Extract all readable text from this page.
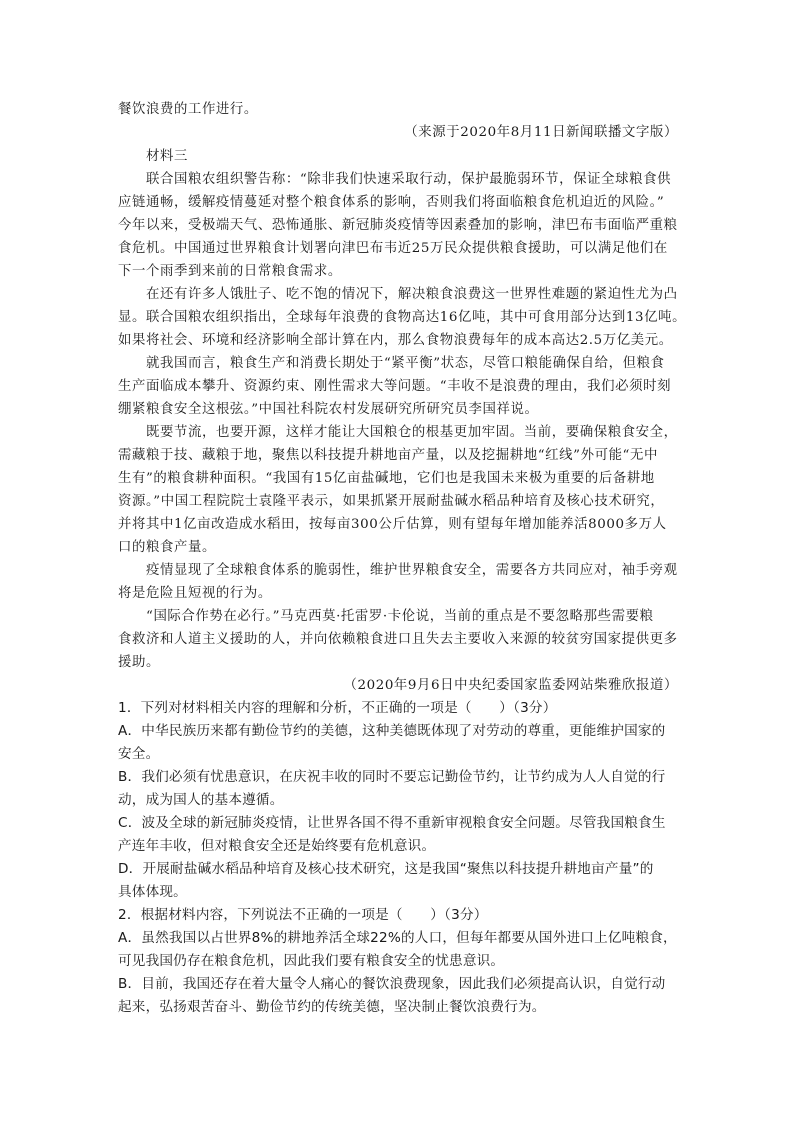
餐饮浪费的工作进行。
（来源于2020年8月11日新闻联播文字版）
材料三
联合国粮农组织警告称：“除非我们快速采取行动，保护最脆弱环节，保证全球粮食供
应链通畅，缓解疫情蔓延对整个粮食体系的影响，否则我们将面临粮食危机迫近的风险。”
今年以来，受极端天气、恐怖通胀、新冠肺炎疫情等因素叠加的影响，津巴布韦面临严重粮
食危机。中国通过世界粮食计划署向津巴布韦近25万民众提供粮食援助，可以满足他们在
下一个雨季到来前的日常粮食需求。
在还有许多人饿肚子、吃不饱的情况下，解决粮食浪费这一世界性难题的紧迫性尤为凸
显。联合国粮农组织指出，全球每年浪费的食物高达16亿吨，其中可食用部分达到13亿吨。
如果将社会、环境和经济影响全部计算在内，那么食物浪费每年的成本高达2.5万亿美元。
就我国而言，粮食生产和消费长期处于“紧平衡”状态，尽管口粮能确保自给，但粮食
生产面临成本攀升、资源约束、刚性需求大等问题。“丰收不是浪费的理由，我们必须时刻
绷紧粮食安全这根弦。”中国社科院农村发展研究所研究员李国祥说。
既要节流，也要开源，这样才能让大国粮仓的根基更加牢固。当前，要确保粮食安全，
需藏粮于技、藏粮于地，聚焦以科技提升耕地亩产量，以及挖掘耕地“红线”外可能“无中
生有”的粮食耕种面积。“我国有15亿亩盐碱地，它们也是我国未来极为重要的后备耕地
资源。”中国工程院院士袁隆平表示，如果抓紧开展耐盐碱水稻品种培育及核心技术研究，
并将其中1亿亩改造成水稻田，按每亩300公斤估算，则有望每年增加能养活8000多万人
口的粮食产量。
疫情显现了全球粮食体系的脆弱性，维护世界粮食安全，需要各方共同应对，袖手旁观
将是危险且短视的行为。
“国际合作势在必行。”马克西莫·托雷罗·卡伦说，当前的重点是不要忽略那些需要粮
食救济和人道主义援助的人，并向依赖粮食进口且失去主要收入来源的较贫穷国家提供更多
援助。
（2020年9月6日中央纪委国家监委网站柴雅欣报道）
1．下列对材料相关内容的理解和分析，不正确的一项是（　　）（3分）
A．中华民族历来都有勤俭节约的美德，这种美德既体现了对劳动的尊重，更能维护国家的
安全。
B．我们必须有忧患意识，在庆祝丰收的同时不要忘记勤俭节约，让节约成为人人自觉的行
动，成为国人的基本遵循。
C．波及全球的新冠肺炎疫情，让世界各国不得不重新审视粮食安全问题。尽管我国粮食生
产连年丰收，但对粮食安全还是始终要有危机意识。
D．开展耐盐碱水稻品种培育及核心技术研究，这是我国“聚焦以科技提升耕地亩产量”的
具体体现。
2．根据材料内容，下列说法不正确的一项是（　　）（3分）
A．虽然我国以占世界8%的耕地养活全球22%的人口，但每年都要从国外进口上亿吨粮食，
可见我国仍存在粮食危机，因此我们要有粮食安全的忧患意识。
B．目前，我国还存在着大量令人痛心的餐饮浪费现象，因此我们必须提高认识，自觉行动
起来，弘扬艰苦奋斗、勤俭节约的传统美德，坚决制止餐饮浪费行为。
